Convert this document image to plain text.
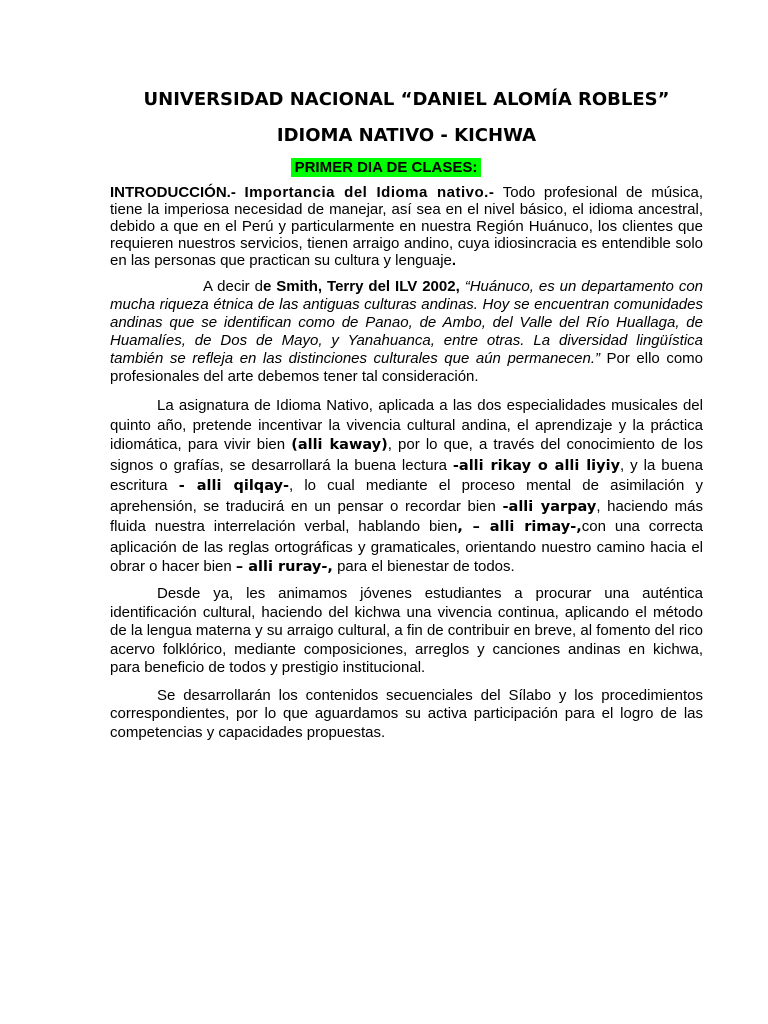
UNIVERSIDAD NACIONAL “DANIEL ALOMÍA ROBLES”
IDIOMA NATIVO - KICHWA
PRIMER DIA DE CLASES:

INTRODUCCIÓN.- Importancia del Idioma nativo.- Todo profesional de música, tiene la imperiosa necesidad de manejar, así sea en el nivel básico, el idioma ancestral, debido a que en el Perú y particularmente en nuestra Región Huánuco, los clientes que requieren nuestros servicios, tienen arraigo andino, cuya idiosincracia es entendible solo en las personas que practican su cultura y lenguaje.

A decir de Smith, Terry del ILV 2002, “Huánuco, es un departamento con mucha riqueza étnica de las antiguas culturas andinas. Hoy se encuentran comunidades andinas que se identifican como de Panao, de Ambo, del Valle del Río Huallaga, de Huamalíes, de Dos de Mayo, y Yanahuanca, entre otras. La diversidad lingüística también se refleja en las distinciones culturales que aún permanecen.” Por ello como profesionales del arte debemos tener tal consideración.

La asignatura de Idioma Nativo, aplicada a las dos especialidades musicales del quinto año, pretende incentivar la vivencia cultural andina, el aprendizaje y la práctica idiomática, para vivir bien (alli kaway), por lo que, a través del conocimiento de los signos o grafías, se desarrollará la buena lectura -alli rikay o alli liyiy, y la buena escritura - alli qilqay-, lo cual mediante el proceso mental de asimilación y aprehensión, se traducirá en un pensar o recordar bien -alli yarpay, haciendo más fluida nuestra interrelación verbal, hablando bien, – alli rimay-,con una correcta aplicación de las reglas ortográficas y gramaticales, orientando nuestro camino hacia el obrar o hacer bien – alli ruray-, para el bienestar de todos.

Desde ya, les animamos jóvenes estudiantes a procurar una auténtica identificación cultural, haciendo del kichwa una vivencia continua, aplicando el método de la lengua materna y su arraigo cultural, a fin de contribuir en breve, al fomento del rico acervo folklórico, mediante composiciones, arreglos y canciones andinas en kichwa, para beneficio de todos y prestigio institucional.

Se desarrollarán los contenidos secuenciales del Sílabo y los procedimientos correspondientes, por lo que aguardamos su activa participación para el logro de las competencias y capacidades propuestas.
